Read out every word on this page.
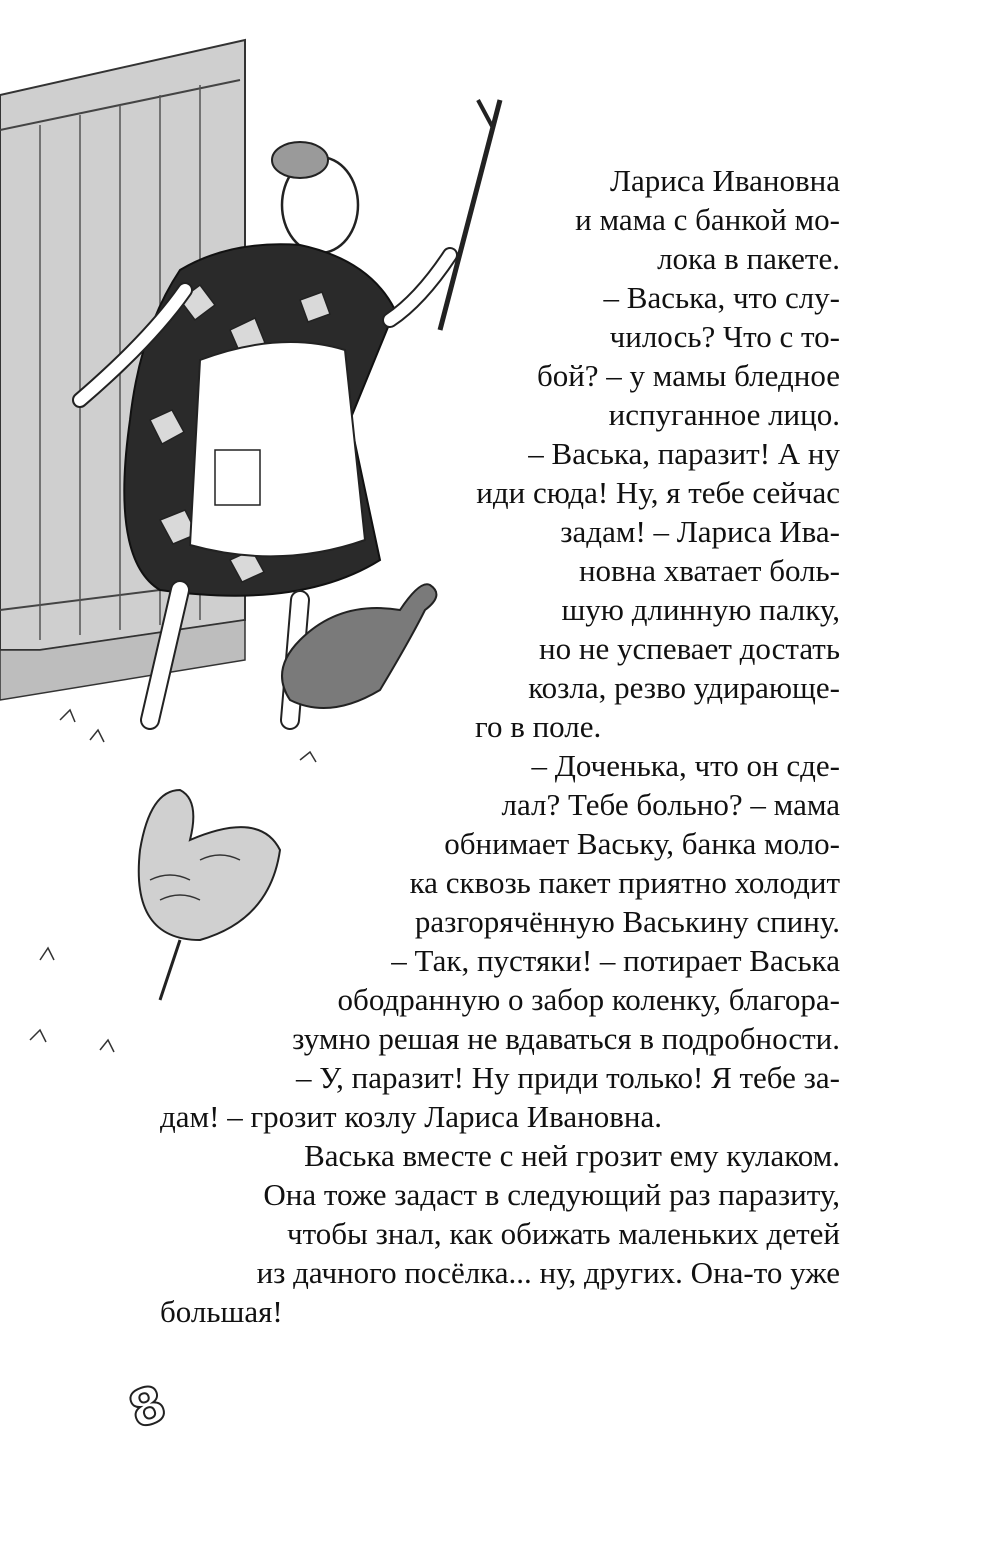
Лариса Ивановна
и мама с банкой мо-
лока в пакете.
– Васька, что слу-
чилось? Что с то-
бой? – у мамы бледное
испуганное лицо.
– Васька, паразит! А ну
иди сюда! Ну, я тебе сейчас
задам! – Лариса Ива-
новна хватает боль-
шую длинную палку,
но не успевает достать
козла, резво удирающе-
го в поле.
– Доченька, что он сде-
лал? Тебе больно? – мама
обнимает Ваську, банка моло-
ка сквозь пакет приятно холодит
разгорячённую Васькину спину.
– Так, пустяки! – потирает Васька
ободранную о забор коленку, благора-
зумно решая не вдаваться в подробности.
– У, паразит! Ну приди только! Я тебе за-
дам! – грозит козлу Лариса Ивановна.
Васька вместе с ней грозит ему кулаком.
Она тоже задаст в следующий раз паразиту,
чтобы знал, как обижать маленьких детей
из дачного посёлка... ну, других. Она-то уже
большая!
8
